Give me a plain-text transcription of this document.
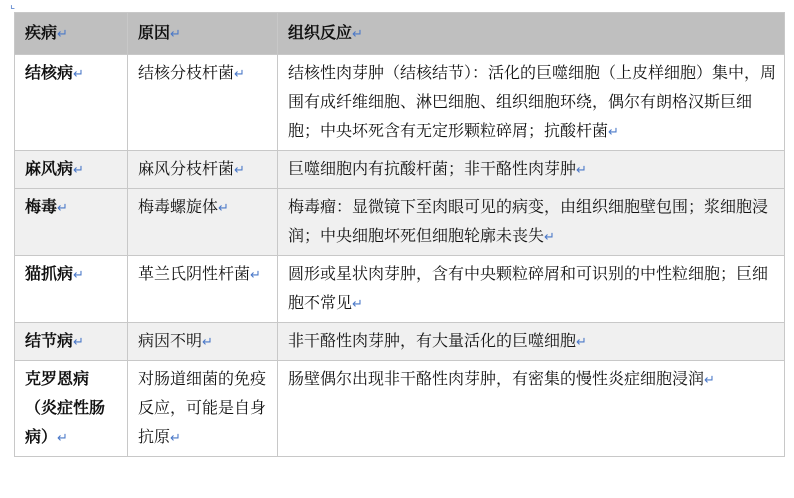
⌞
疾病↵	原因↵	组织反应↵
结核病↵	结核分枝杆菌↵	结核性肉芽肿（结核结节）：活化的巨噬细胞（上皮样细胞）集中，周围有成纤维细胞、淋巴细胞、组织细胞环绕，偶尔有朗格汉斯巨细胞；中央坏死含有无定形颗粒碎屑；抗酸杆菌↵
麻风病↵	麻风分枝杆菌↵	巨噬细胞内有抗酸杆菌；非干酪性肉芽肿↵
梅毒↵	梅毒螺旋体↵	梅毒瘤：显微镜下至肉眼可见的病变，由组织细胞壁包围；浆细胞浸润；中央细胞坏死但细胞轮廓未丧失↵
猫抓病↵	革兰氏阴性杆菌↵	圆形或星状肉芽肿，含有中央颗粒碎屑和可识别的中性粒细胞；巨细胞不常见↵
结节病↵	病因不明↵	非干酪性肉芽肿，有大量活化的巨噬细胞↵
克罗恩病（炎症性肠病）↵	对肠道细菌的免疫反应，可能是自身抗原↵	肠壁偶尔出现非干酪性肉芽肿，有密集的慢性炎症细胞浸润↵
